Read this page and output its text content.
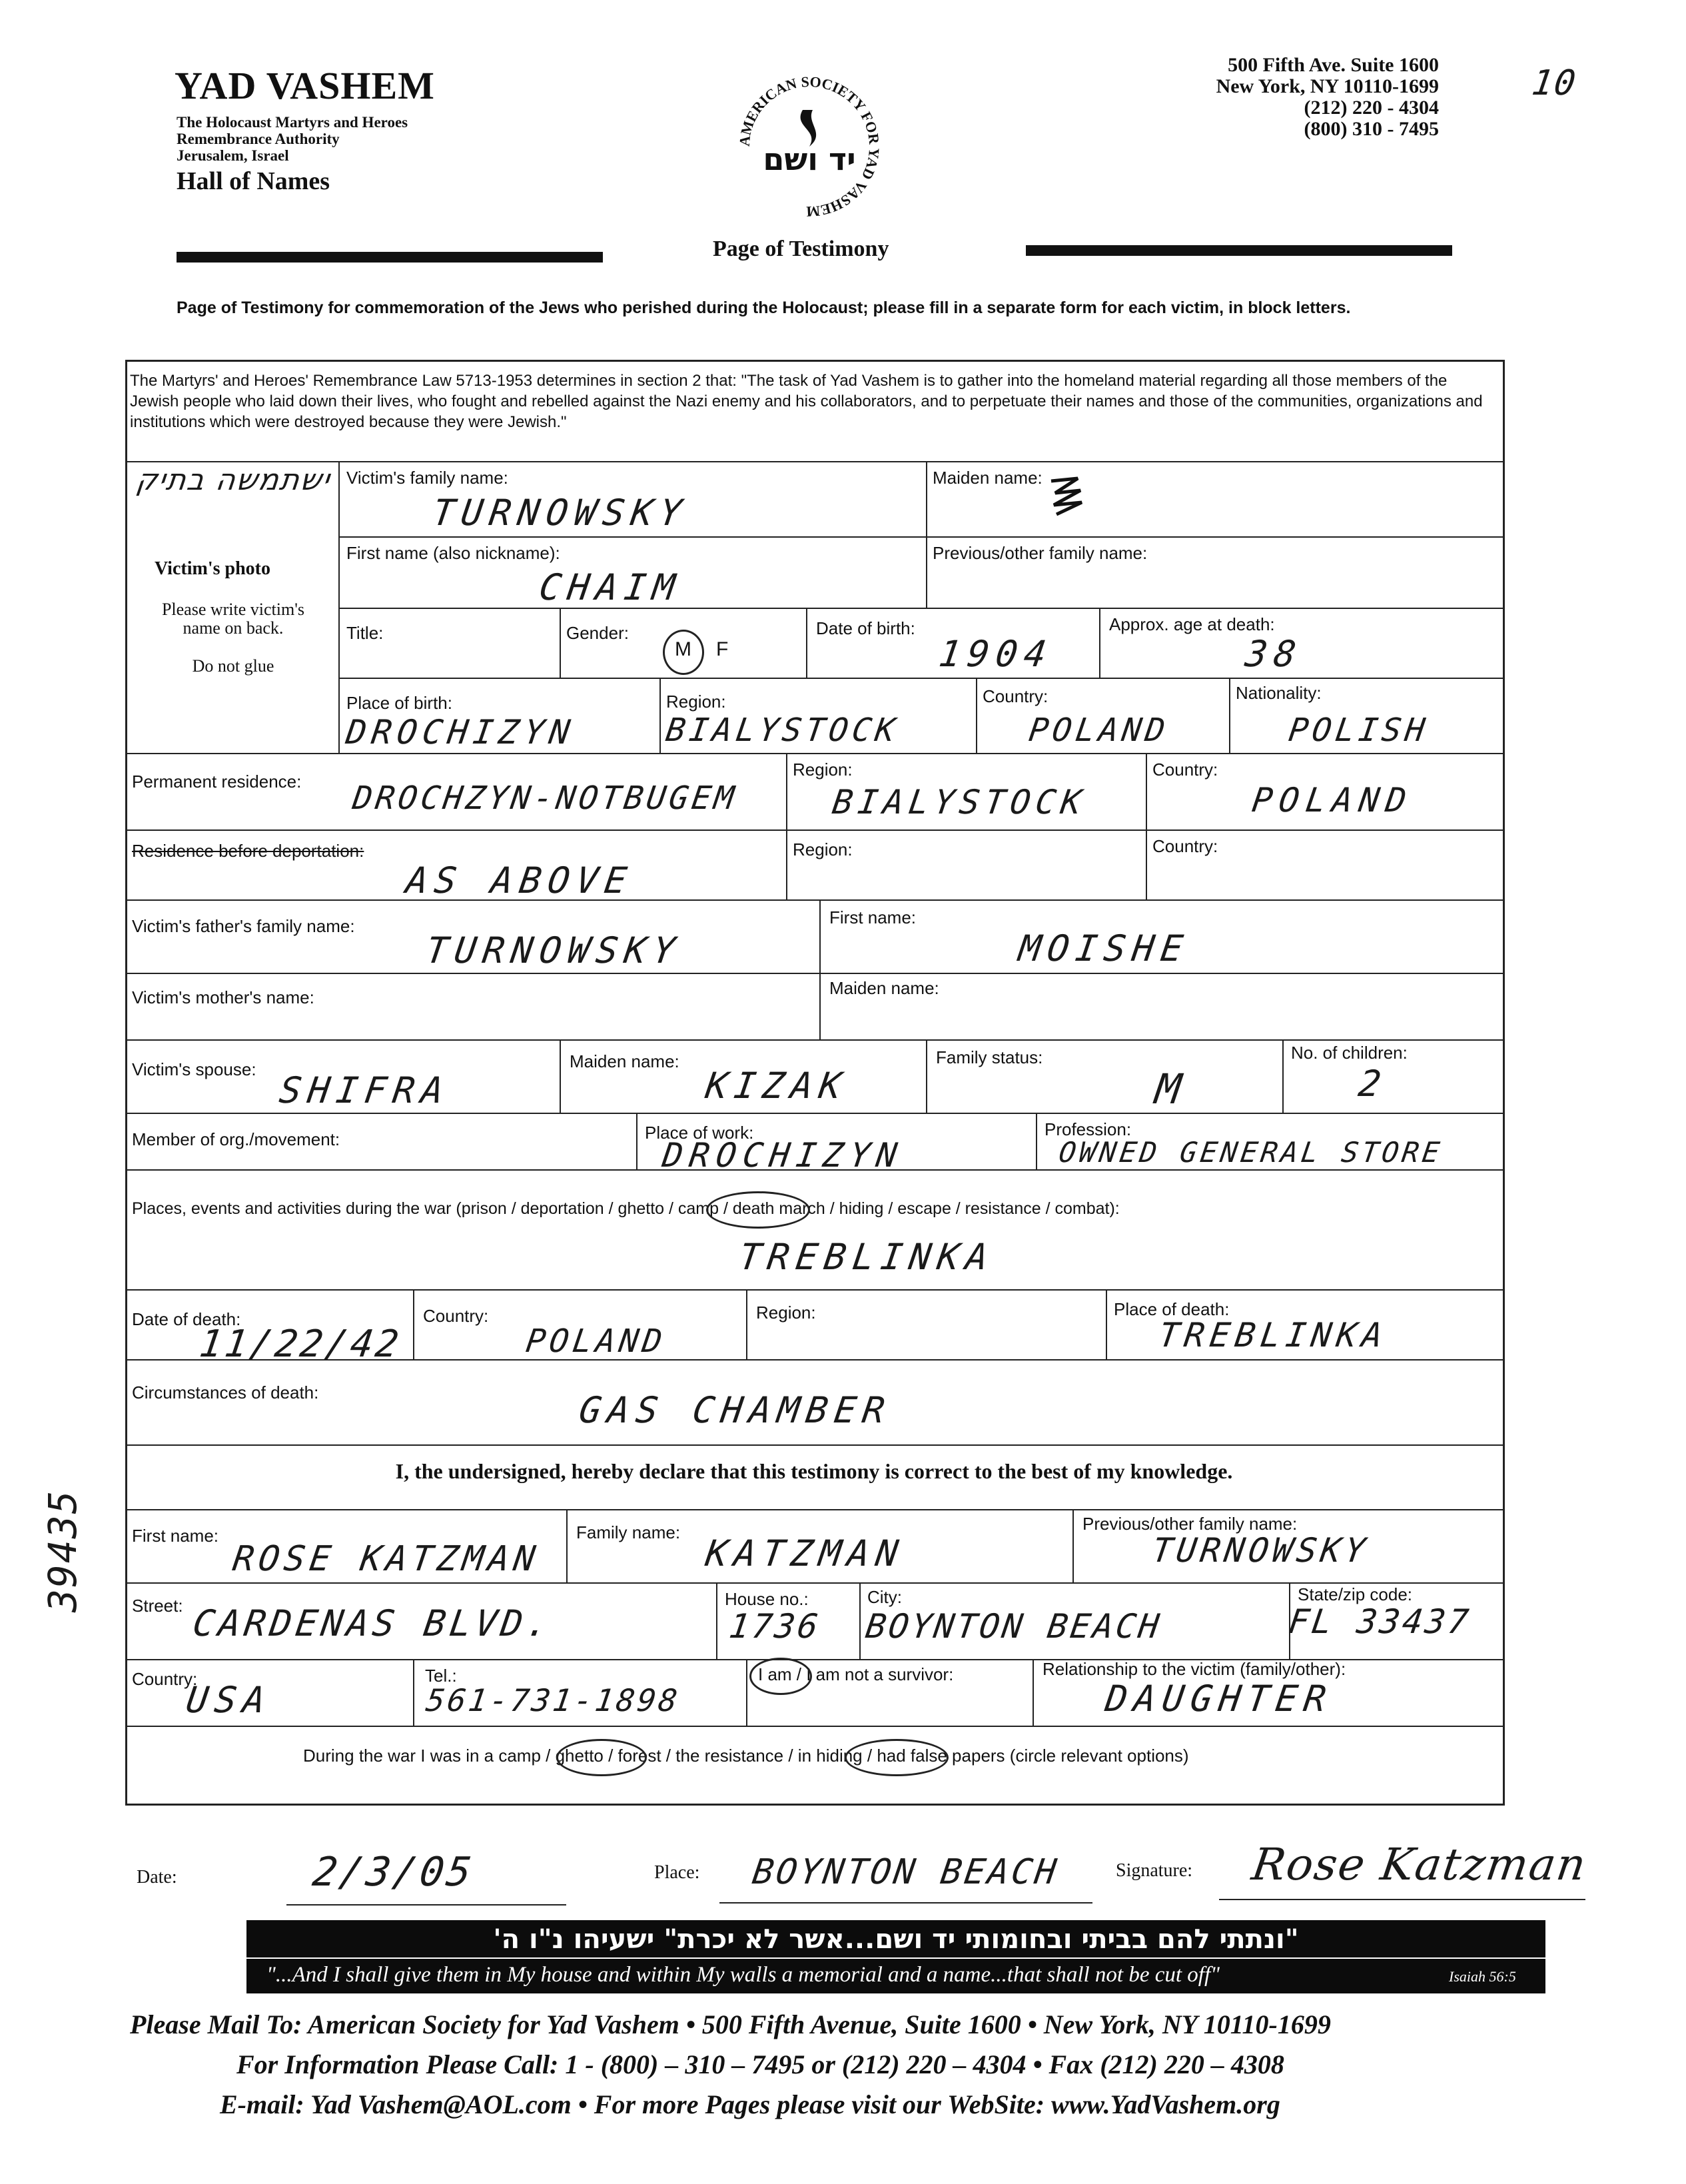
YAD VASHEM
The Holocaust Martyrs and Heroes
Remembrance Authority
Jerusalem, Israel
Hall of Names
AMERICAN SOCIETY FOR YAD VASHEM
יד ושם
500 Fifth Ave. Suite 1600
New York, NY 10110-1699
(212) 220 - 4304
(800) 310 - 7495
10
Page of Testimony
Page of Testimony for commemoration of the Jews who perished during the Holocaust; please fill in a separate form for each victim, in block letters.
The Martyrs' and Heroes' Remembrance Law 5713-1953 determines in section 2 that: "The task of Yad Vashem is to gather into the homeland material regarding all those members of the Jewish people who laid down their lives, who fought and rebelled against the Nazi enemy and his collaborators, and to perpetuate their names and those of the communities, organizations and institutions which were destroyed because they were Jewish."
ישתמשה בתיק
Victim's photo
Please write victim's
name on back.
Do not glue
Victim's family name:
TURNOWSKY
Maiden name:
First name (also nickname):
CHAIM
Previous/other family name:
Title:	Gender:
M F
Date of birth:
1904
Approx. age at death:
38
Place of birth:
DROCHIZYN
Region:
BIALYSTOCK
Country:
POLAND
Nationality:
POLISH
Permanent residence: DROCHZYN-NOTBUGEM
Region:
BIALYSTOCK
Country:
POLAND
Residence before deportation:
AS ABOVE
Region:	Country:
Victim's father's family name:
TURNOWSKY
First name:
MOISHE
Victim's mother's name:	Maiden name:
Victim's spouse: SHIFRA
Maiden name:
KIZAK
Family status:
M
No. of children:
2
Member of org./movement:	Place of work:
DROCHIZYN
Profession:
OWNED GENERAL STORE
Places, events and activities during the war (prison / deportation / ghetto / camp / death march / hiding / escape / resistance / combat):
TREBLINKA
Date of death:
11/22/42
Country:
POLAND
Region:	Place of death:
TREBLINKA
Circumstances of death:	GAS CHAMBER
I, the undersigned, hereby declare that this testimony is correct to the best of my knowledge.
First name:
ROSE KATZMAN
Family name: KATZMAN
Previous/other family name:
TURNOWSKY
Street: CARDENAS BLVD.
House no.:
1736
City:
BOYNTON BEACH
State/zip code:
FL 33437
Country:
USA
Tel.:
561-731-1898
I am / I am not a survivor:	Relationship to the victim (family/other):
DAUGHTER
During the war I was in a camp / ghetto / forest / the resistance / in hiding / had false papers (circle relevant options)
Date:	2/3/05	Place: BOYNTON BEACH	Signature: Rose Katzman
39435
"ונתתי להם בביתי ובחומותי יד ושם...אשר לא יכרת" ישעיהו נ"ו ה'
"...And I shall give them in My house and within My walls a memorial and a name...that shall not be cut off"	Isaiah 56:5
Please Mail To: American Society for Yad Vashem • 500 Fifth Avenue, Suite 1600 • New York, NY 10110-1699
For Information Please Call: 1 - (800) – 310 – 7495 or (212) 220 – 4304 • Fax (212) 220 – 4308
E-mail: Yad Vashem@AOL.com • For more Pages please visit our WebSite: www.YadVashem.org
